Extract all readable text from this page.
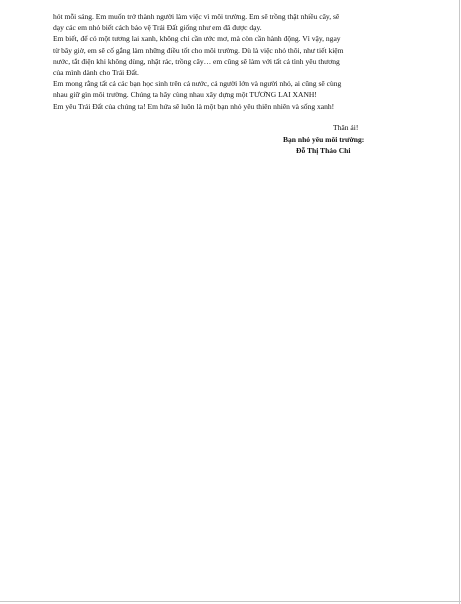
hót mỗi sáng. Em muốn trở thành người làm việc vì môi trường. Em sẽ trồng thật nhiều cây, sẽ
dạy các em nhỏ biết cách bảo vệ Trái Đất giống như em đã được dạy.
Em biết, để có một tương lai xanh, không chỉ cần ước mơ, mà còn cần hành động. Vì vậy, ngay
từ bây giờ, em sẽ cố gắng làm những điều tốt cho môi trường. Dù là việc nhỏ thôi, như tiết kiệm
nước, tắt điện khi không dùng, nhặt rác, trồng cây… em cũng sẽ làm với tất cả tình yêu thương
của mình dành cho Trái Đất.
Em mong rằng tất cả các bạn học sinh trên cả nước, cả người lớn và người nhỏ, ai cũng sẽ cùng
nhau giữ gìn môi trường. Chúng ta hãy cùng nhau xây dựng một TƯƠNG LAI XANH!
Em yêu Trái Đất của chúng ta! Em hứa sẽ luôn là một bạn nhỏ yêu thiên nhiên và sống xanh!
Thân ái!
Bạn nhỏ yêu môi trường:
Đỗ Thị Thảo Chi
